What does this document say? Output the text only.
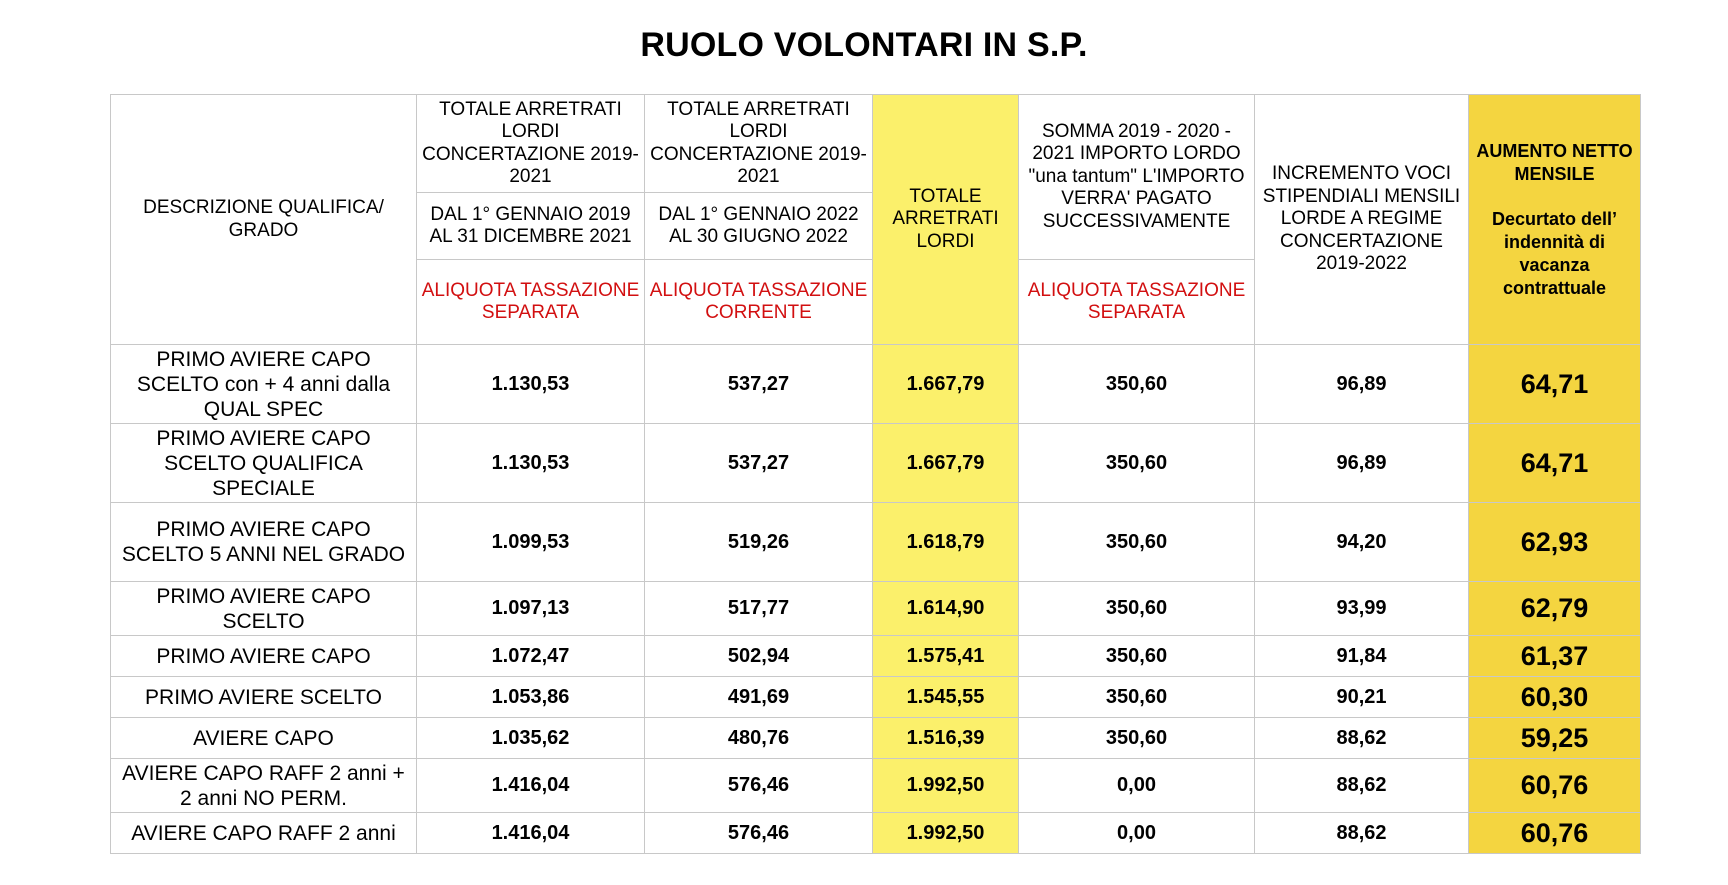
RUOLO VOLONTARI IN S.P.
DESCRIZIONE QUALIFICA/ GRADO	TOTALE ARRETRATI LORDI CONCERTAZIONE 2019-2021	TOTALE ARRETRATI LORDI CONCERTAZIONE 2019-2021	TOTALE ARRETRATI LORDI	SOMMA 2019 - 2020 - 2021 IMPORTO LORDO "una tantum" L'IMPORTO VERRA' PAGATO SUCCESSIVAMENTE	INCREMENTO VOCI STIPENDIALI MENSILI LORDE A REGIME CONCERTAZIONE 2019-2022	AUMENTO NETTO MENSILE
Decurtato dell’ indennità di vacanza contrattuale

	DAL 1° GENNAIO 2019 AL 31 DICEMBRE 2021	DAL 1° GENNAIO 2022 AL 30 GIUGNO 2022				
	ALIQUOTA TASSAZIONE SEPARATA	ALIQUOTA TASSAZIONE CORRENTE		ALIQUOTA TASSAZIONE SEPARATA		
PRIMO AVIERE CAPO SCELTO con + 4 anni dalla QUAL SPEC	1.130,53	537,27	1.667,79	350,60	96,89	64,71
PRIMO AVIERE CAPO SCELTO QUALIFICA SPECIALE	1.130,53	537,27	1.667,79	350,60	96,89	64,71
PRIMO AVIERE CAPO SCELTO 5 ANNI NEL GRADO	1.099,53	519,26	1.618,79	350,60	94,20	62,93
PRIMO AVIERE CAPO SCELTO	1.097,13	517,77	1.614,90	350,60	93,99	62,79
PRIMO AVIERE CAPO	1.072,47	502,94	1.575,41	350,60	91,84	61,37
PRIMO AVIERE SCELTO	1.053,86	491,69	1.545,55	350,60	90,21	60,30
AVIERE CAPO	1.035,62	480,76	1.516,39	350,60	88,62	59,25
AVIERE CAPO RAFF 2 anni + 2 anni NO PERM.	1.416,04	576,46	1.992,50	0,00	88,62	60,76
AVIERE CAPO RAFF 2 anni	1.416,04	576,46	1.992,50	0,00	88,62	60,76
